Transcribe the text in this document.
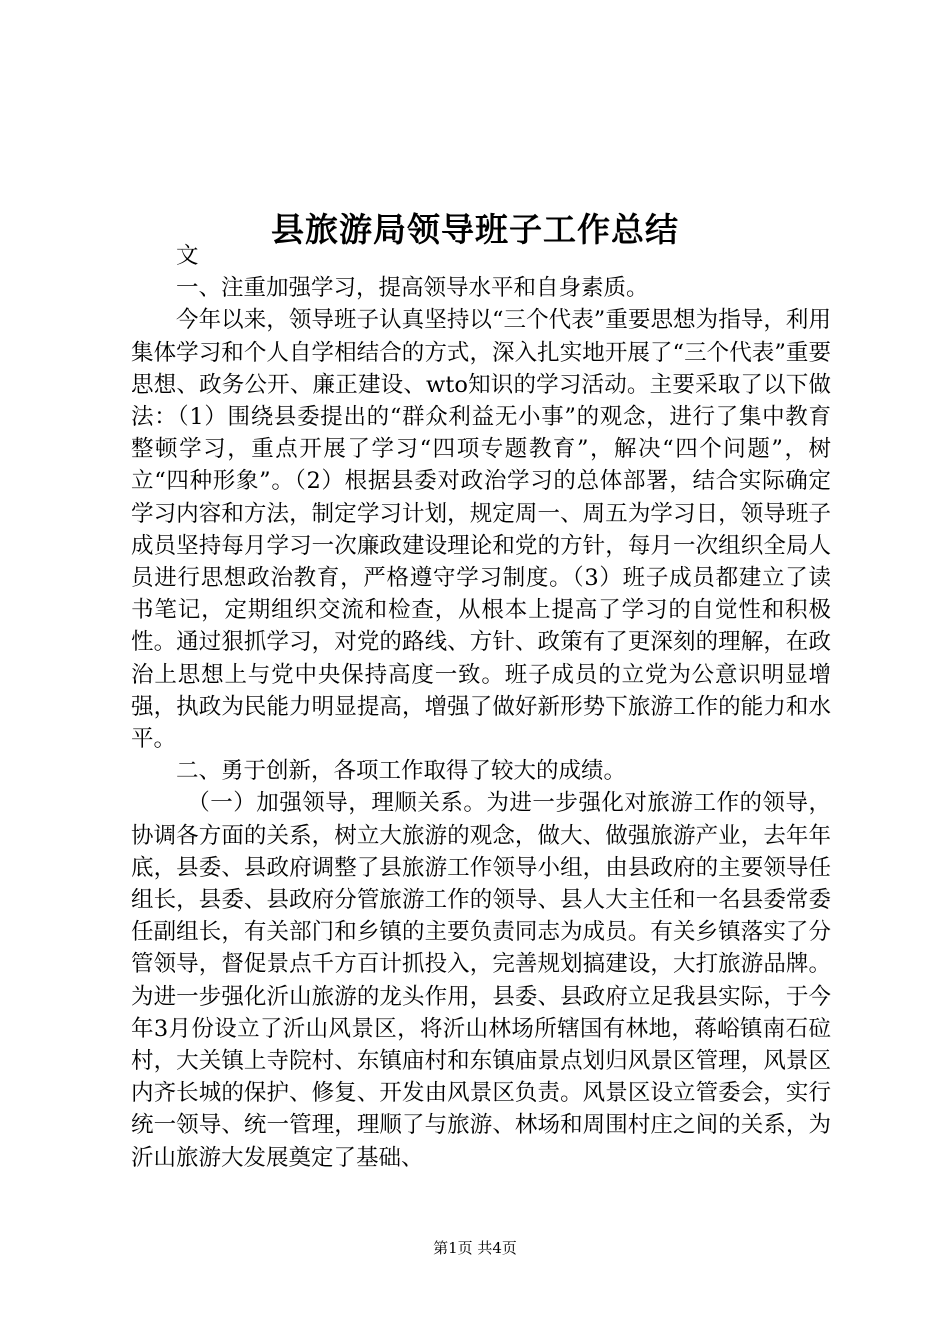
县旅游局领导班子工作总结

文

一、注重加强学习，提高领导水平和自身素质。

今年以来，领导班子认真坚持以“三个代表”重要思想为指导，利用集体学习和个人自学相结合的方式，深入扎实地开展了“三个代表”重要思想、政务公开、廉正建设、wto知识的学习活动。主要采取了以下做法：（1）围绕县委提出的“群众利益无小事”的观念，进行了集中教育整顿学习，重点开展了学习“四项专题教育”，解决“四个问题”，树立“四种形象”。（2）根据县委对政治学习的总体部署，结合实际确定学习内容和方法，制定学习计划，规定周一、周五为学习日，领导班子成员坚持每月学习一次廉政建设理论和党的方针，每月一次组织全局人员进行思想政治教育，严格遵守学习制度。（3）班子成员都建立了读书笔记，定期组织交流和检查，从根本上提高了学习的自觉性和积极性。通过狠抓学习，对党的路线、方针、政策有了更深刻的理解，在政治上思想上与党中央保持高度一致。班子成员的立党为公意识明显增强，执政为民能力明显提高，增强了做好新形势下旅游工作的能力和水平。

二、勇于创新，各项工作取得了较大的成绩。

（一）加强领导，理顺关系。为进一步强化对旅游工作的领导，协调各方面的关系，树立大旅游的观念，做大、做强旅游产业，去年年底，县委、县政府调整了县旅游工作领导小组，由县政府的主要领导任组长，县委、县政府分管旅游工作的领导、县人大主任和一名县委常委任副组长，有关部门和乡镇的主要负责同志为成员。有关乡镇落实了分管领导，督促景点千方百计抓投入，完善规划搞建设，大打旅游品牌。为进一步强化沂山旅游的龙头作用，县委、县政府立足我县实际，于今年3月份设立了沂山风景区，将沂山林场所辖国有林地，蒋峪镇南石砬村，大关镇上寺院村、东镇庙村和东镇庙景点划归风景区管理，风景区内齐长城的保护、修复、开发由风景区负责。风景区设立管委会，实行统一领导、统一管理，理顺了与旅游、林场和周围村庄之间的关系，为沂山旅游大发展奠定了基础、

第1页 共4页
